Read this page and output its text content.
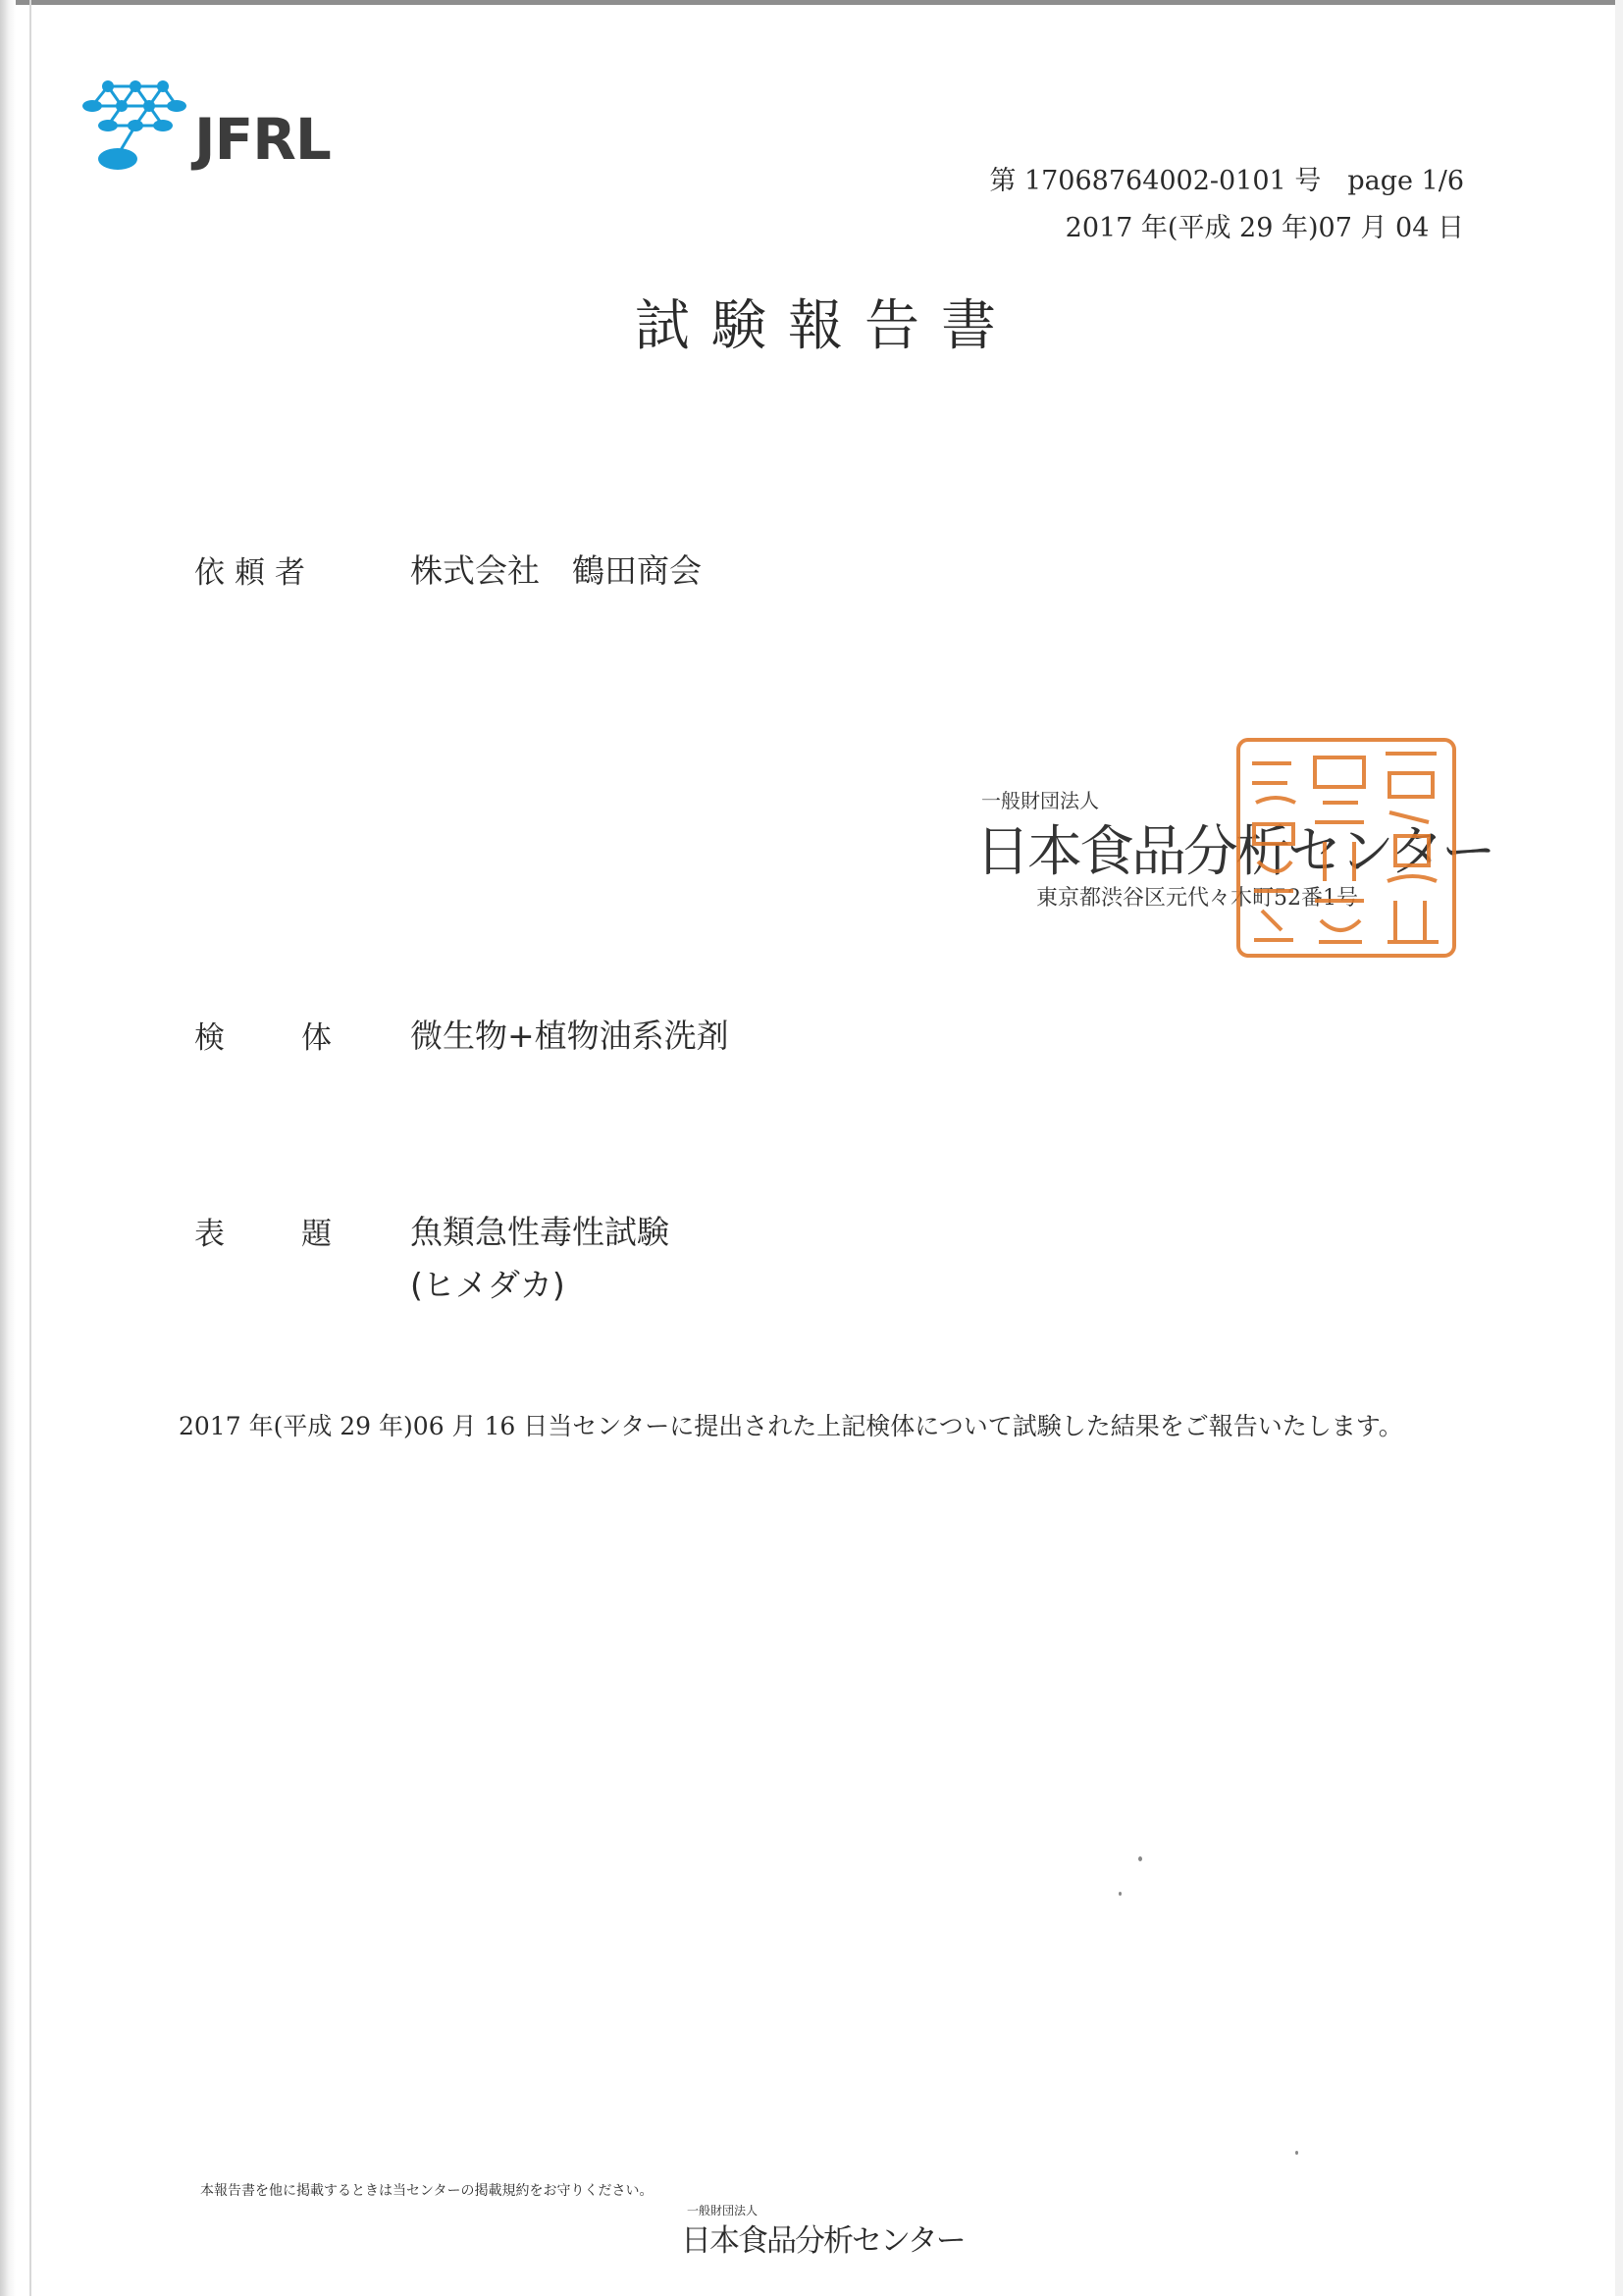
JFRL
第 17068764002-0101 号　page 1/6
2017 年(平成 29 年)07 月 04 日
試験報告書
依頼者	株式会社　鶴田商会
一般財団法人
日本食品分析センター
東京都渋谷区元代々木町52番1号
検体 微生物+植物油系洗剤
表題 魚類急性毒性試験
(ヒメダカ)
2017 年(平成 29 年)06 月 16 日当センターに提出された上記検体について試験した結果をご報告いたします。
本報告書を他に掲載するときは当センターの掲載規約をお守りください。
一般財団法人
日本食品分析センター
